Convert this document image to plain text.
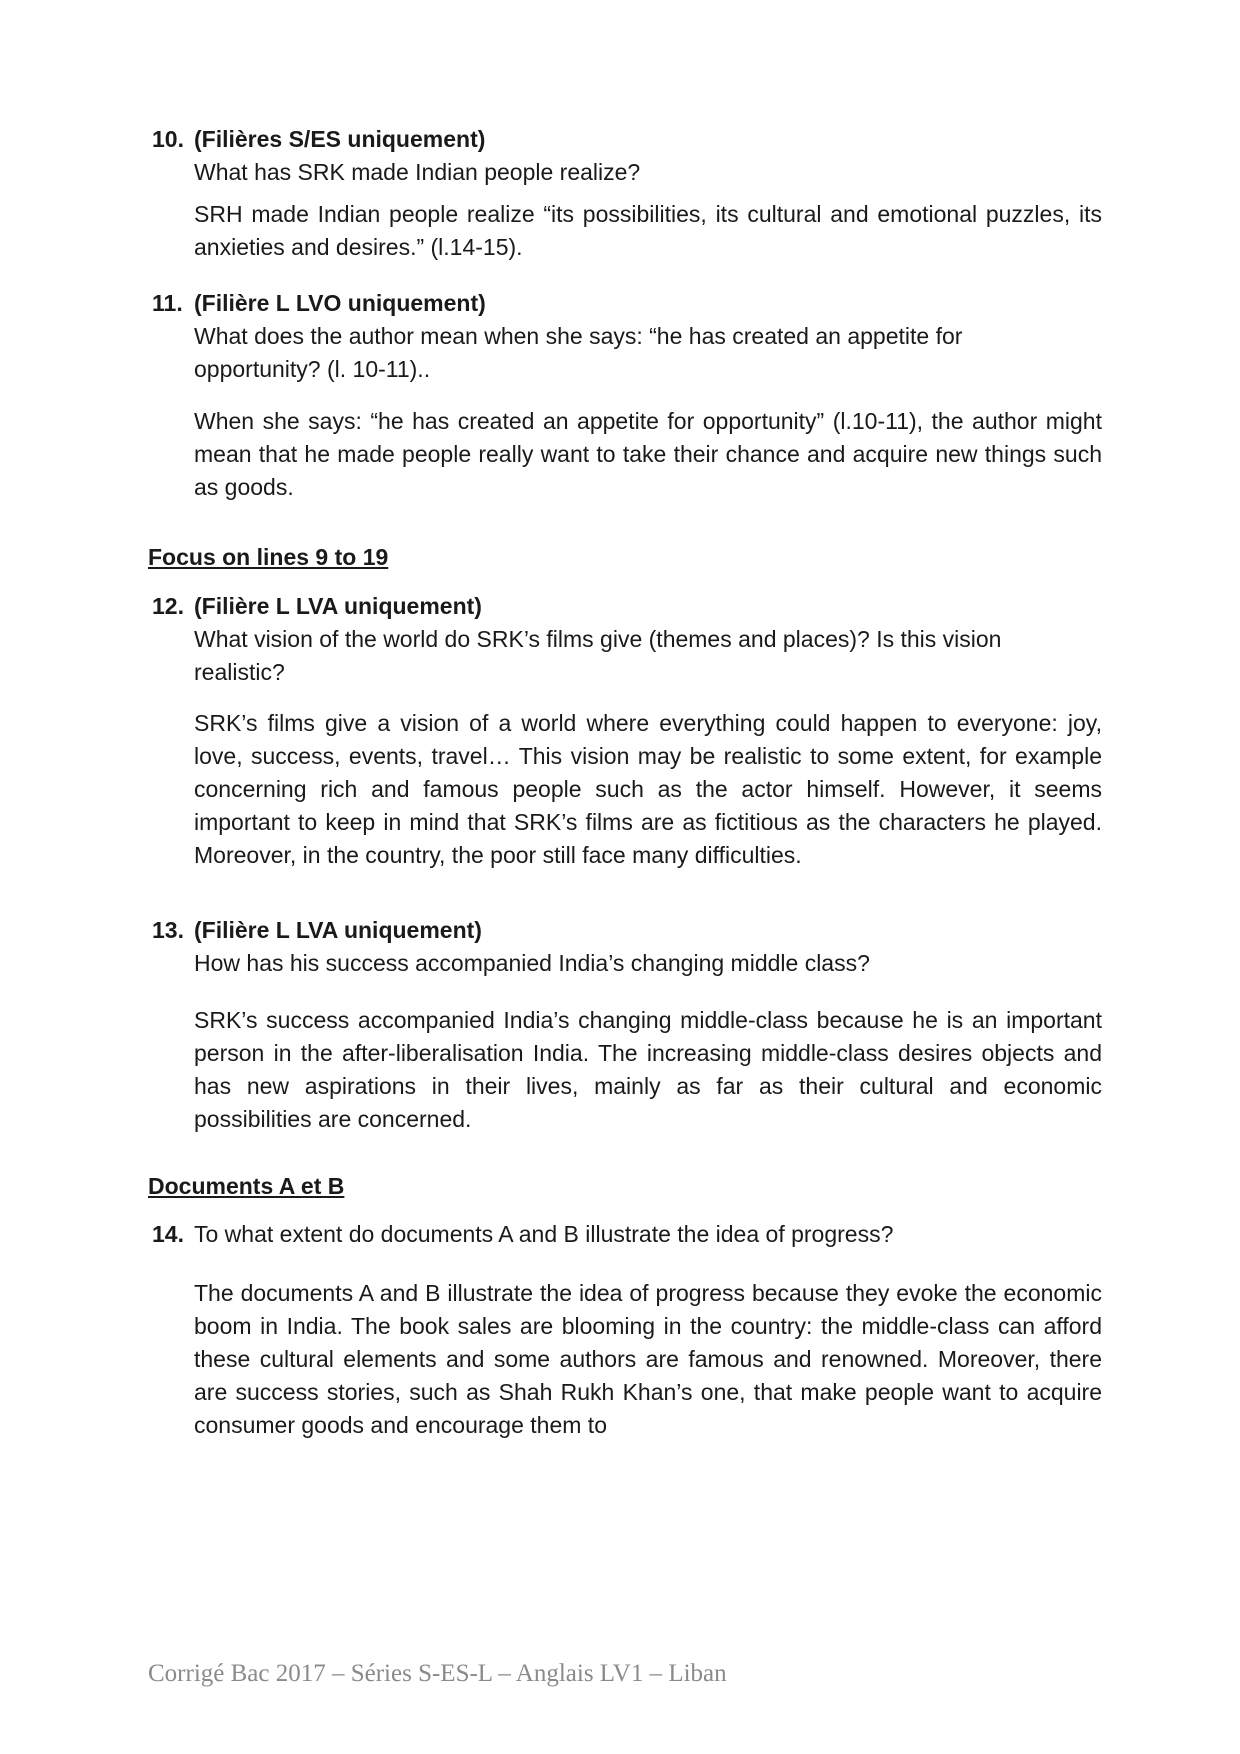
10. (Filières S/ES uniquement)
What has SRK made Indian people realize?
SRH made Indian people realize “its possibilities, its cultural and emotional puzzles, its anxieties and desires.” (l.14-15).
11. (Filière L LVO uniquement)
What does the author mean when she says: “he has created an appetite for opportunity? (l. 10-11)..
When she says: “he has created an appetite for opportunity” (l.10-11), the author might mean that he made people really want to take their chance and acquire new things such as goods.
Focus on lines 9 to 19
12. (Filière L LVA uniquement)
What vision of the world do SRK’s films give (themes and places)? Is this vision realistic?
SRK’s films give a vision of a world where everything could happen to everyone: joy, love, success, events, travel… This vision may be realistic to some extent, for example concerning rich and famous people such as the actor himself. However, it seems important to keep in mind that SRK’s films are as fictitious as the characters he played. Moreover, in the country, the poor still face many difficulties.
13. (Filière L LVA uniquement)
How has his success accompanied India’s changing middle class?
SRK’s success accompanied India’s changing middle-class because he is an important person in the after-liberalisation India. The increasing middle-class desires objects and has new aspirations in their lives, mainly as far as their cultural and economic possibilities are concerned.
Documents A et B
14. To what extent do documents A and B illustrate the idea of progress?
The documents A and B illustrate the idea of progress because they evoke the economic boom in India. The book sales are blooming in the country: the middle-class can afford these cultural elements and some authors are famous and renowned. Moreover, there are success stories, such as Shah Rukh Khan’s one, that make people want to acquire consumer goods and encourage them to
Corrigé Bac 2017 – Séries S-ES-L – Anglais LV1 – Liban
